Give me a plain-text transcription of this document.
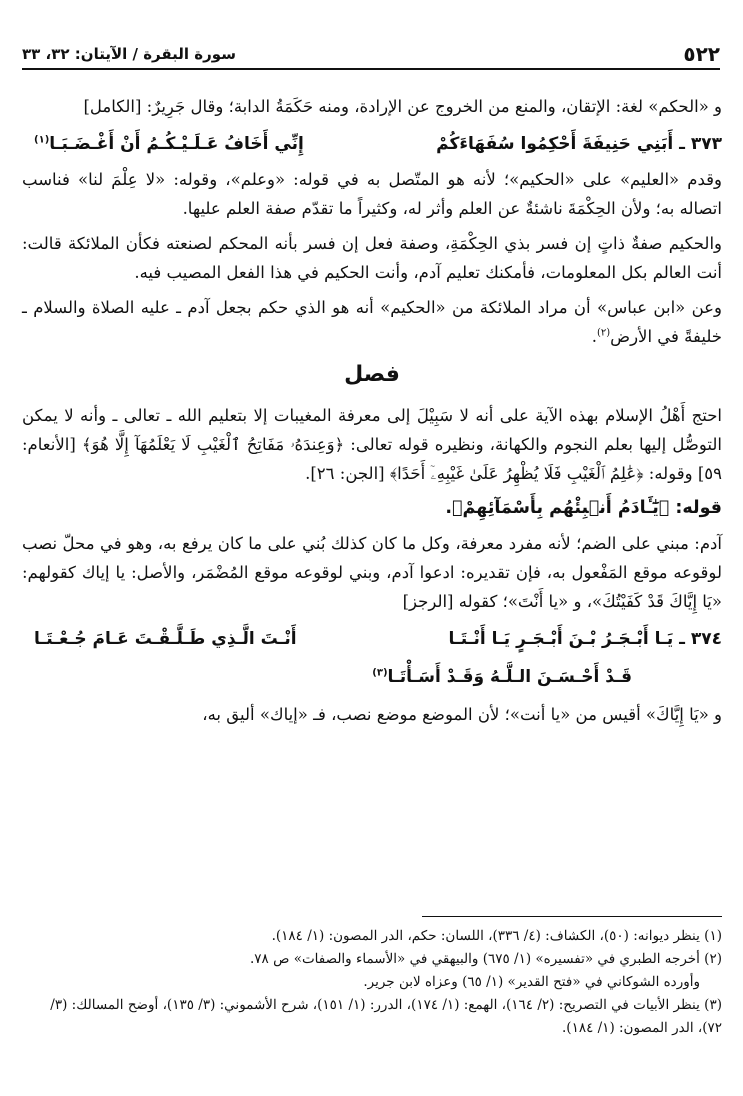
٥٢٢
سورة البقرة / الآيتان: ٣٢، ٣٣

و «الحكم» لغة: الإتقان، والمنع من الخروج عن الإرادة، ومنه حَكَمَةُ الدابة؛ وقال جَرِيرٌ: [الكامل]

٣٧٣ ـ أَبَنِي حَنِيفَةَ أَحْكِمُوا سُفَهَاءَكُمْ
إِنِّي أَخَافُ عَـلَـيْـكُـمُ أَنْ أَغْـضَـبَـا$^{(١)}$

وقدم «العليم» على «الحكيم»؛ لأنه هو المتّصل به في قوله: «وعلم»، وقوله: «لا عِلْمَ لنا» فناسب اتصاله به؛ ولأن الحِكْمَةَ ناشئةٌ عن العلم وأثر له، وكثيراً ما تقدّم صفة العلم عليها.

والحكيم صفةٌ ذاتٍ إن فسر بذي الحِكْمَةِ، وصفة فعل إن فسر بأنه المحكم لصنعته فكأن الملائكة قالت: أنت العالم بكل المعلومات، فأمكنك تعليم آدم، وأنت الحكيم في هذا الفعل المصيب فيه.

وعن «ابن عباس» أن مراد الملائكة من «الحكيم» أنه هو الذي حكم بجعل آدم ـ عليه الصلاة والسلام ـ خليفةً في الأرض$^{(٢)}$.

فصل

احتج أَهْلُ الإسلام بهذه الآية على أنه لا سَبِيْلَ إلى معرفة المغيبات إلا بتعليم الله ـ تعالى ـ وأنه لا يمكن التوصُّل إليها بعلم النجوم والكهانة، ونظيره قوله تعالى: ﴿وَعِندَهُۥ مَفَاتِحُ ٱلْغَيْبِ لَا يَعْلَمُهَآ إِلَّا هُوَ﴾ [الأنعام: ٥٩] وقوله: ﴿عَٰلِمُ ٱلْغَيْبِ فَلَا يُظْهِرُ عَلَىٰ غَيْبِهِۦٓ أَحَدًا﴾ [الجن: ٢٦].

قوله: ﴿يَٰٓـَٔادَمُ أَنۢبِئْهُم بِأَسْمَآئِهِمْ﴾.

آدم: مبني على الضم؛ لأنه مفرد معرفة، وكل ما كان كذلك بُني على ما كان يرفع به، وهو في محلّ نصب لوقوعه موقع المَفْعول به، فإن تقديره: ادعوا آدم، وبني لوقوعه موقع المُضْمَر، والأصل: يا إياك كقولهم: «يَا إِيَّاكَ قَدْ كَفَيْتُكَ»، و «يا أَنْتَ»؛ كقوله [الرجز]

٣٧٤ ـ يَـا أَبْـجَـرُ بْـنَ أَبْـجَـرٍ يَـا أَنْـتَـا
أَنْـتَ الَّـذِي طَـلَّـقْـتَ عَـامَ جُـعْـتَـا
قَـدْ أَحْـسَـنَ الـلَّـهُ وَقَـدْ أَسَـأْتَـا$^{(٣)}$

و «يَا إِيَّاكَ» أقيس من «يا أنت»؛ لأن الموضع موضع نصب، فـ «إياك» أليق به،

(١) ينظر ديوانه: (٥٠)، الكشاف: (٤/ ٣٣٦)، اللسان: حكم، الدر المصون: (١/ ١٨٤).

(٢) أخرجه الطبري في «تفسيره» (١/ ٦٧٥) والبيهقي في «الأسماء والصفات» ص ٧٨.

وأورده الشوكاني في «فتح القدير» (١/ ٦٥) وعزاه لابن جرير.

(٣) ينظر الأبيات في التصريح: (٢/ ١٦٤)، الهمع: (١/ ١٧٤)، الدرر: (١/ ١٥١)، شرح الأشموني: (٣/ ١٣٥)، أوضح المسالك: (٣/ ٧٢)، الدر المصون: (١/ ١٨٤).
